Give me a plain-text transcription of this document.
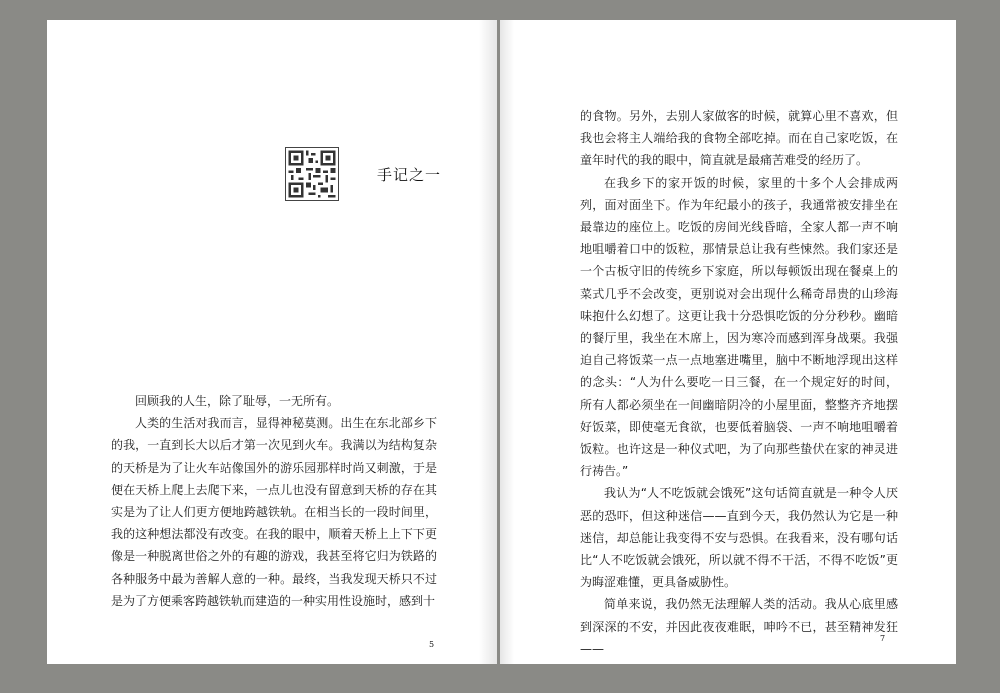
手记之一

回顾我的人生，除了耻辱，一无所有。

人类的生活对我而言，显得神秘莫测。出生在东北部乡下的我，一直到长大以后才第一次见到火车。我满以为结构复杂的天桥是为了让火车站像国外的游乐园那样时尚又刺激，于是便在天桥上爬上去爬下来，一点儿也没有留意到天桥的存在其实是为了让人们更方便地跨越铁轨。在相当长的一段时间里，我的这种想法都没有改变。在我的眼中，顺着天桥上上下下更像是一种脱离世俗之外的有趣的游戏，我甚至将它归为铁路的各种服务中最为善解人意的一种。最终，当我发现天桥只不过是为了方便乘客跨越铁轨而建造的一种实用性设施时，感到十

5

的食物。另外，去别人家做客的时候，就算心里不喜欢，但我也会将主人端给我的食物全部吃掉。而在自己家吃饭，在童年时代的我的眼中，简直就是最痛苦难受的经历了。

在我乡下的家开饭的时候，家里的十多个人会排成两列，面对面坐下。作为年纪最小的孩子，我通常被安排坐在最靠边的座位上。吃饭的房间光线昏暗，全家人都一声不响地咀嚼着口中的饭粒，那情景总让我有些悚然。我们家还是一个古板守旧的传统乡下家庭，所以每顿饭出现在餐桌上的菜式几乎不会改变，更别说对会出现什么稀奇昂贵的山珍海味抱什么幻想了。这更让我十分恐惧吃饭的分分秒秒。幽暗的餐厅里，我坐在木席上，因为寒冷而感到浑身战栗。我强迫自己将饭菜一点一点地塞进嘴里，脑中不断地浮现出这样的念头：“人为什么要吃一日三餐，在一个规定好的时间，所有人都必须坐在一间幽暗阴冷的小屋里面，整整齐齐地摆好饭菜，即使毫无食欲，也要低着脑袋、一声不响地咀嚼着饭粒。也许这是一种仪式吧，为了向那些蛰伏在家的神灵进行祷告。”

我认为“人不吃饭就会饿死”这句话简直就是一种令人厌恶的恐吓，但这种迷信——直到今天，我仍然认为它是一种迷信，却总能让我变得不安与恐惧。在我看来，没有哪句话比“人不吃饭就会饿死，所以就不得不干活，不得不吃饭”更为晦涩难懂，更具备威胁性。

简单来说，我仍然无法理解人类的活动。我从心底里感到深深的不安，并因此夜夜难眠，呻吟不已，甚至精神发狂——

7
